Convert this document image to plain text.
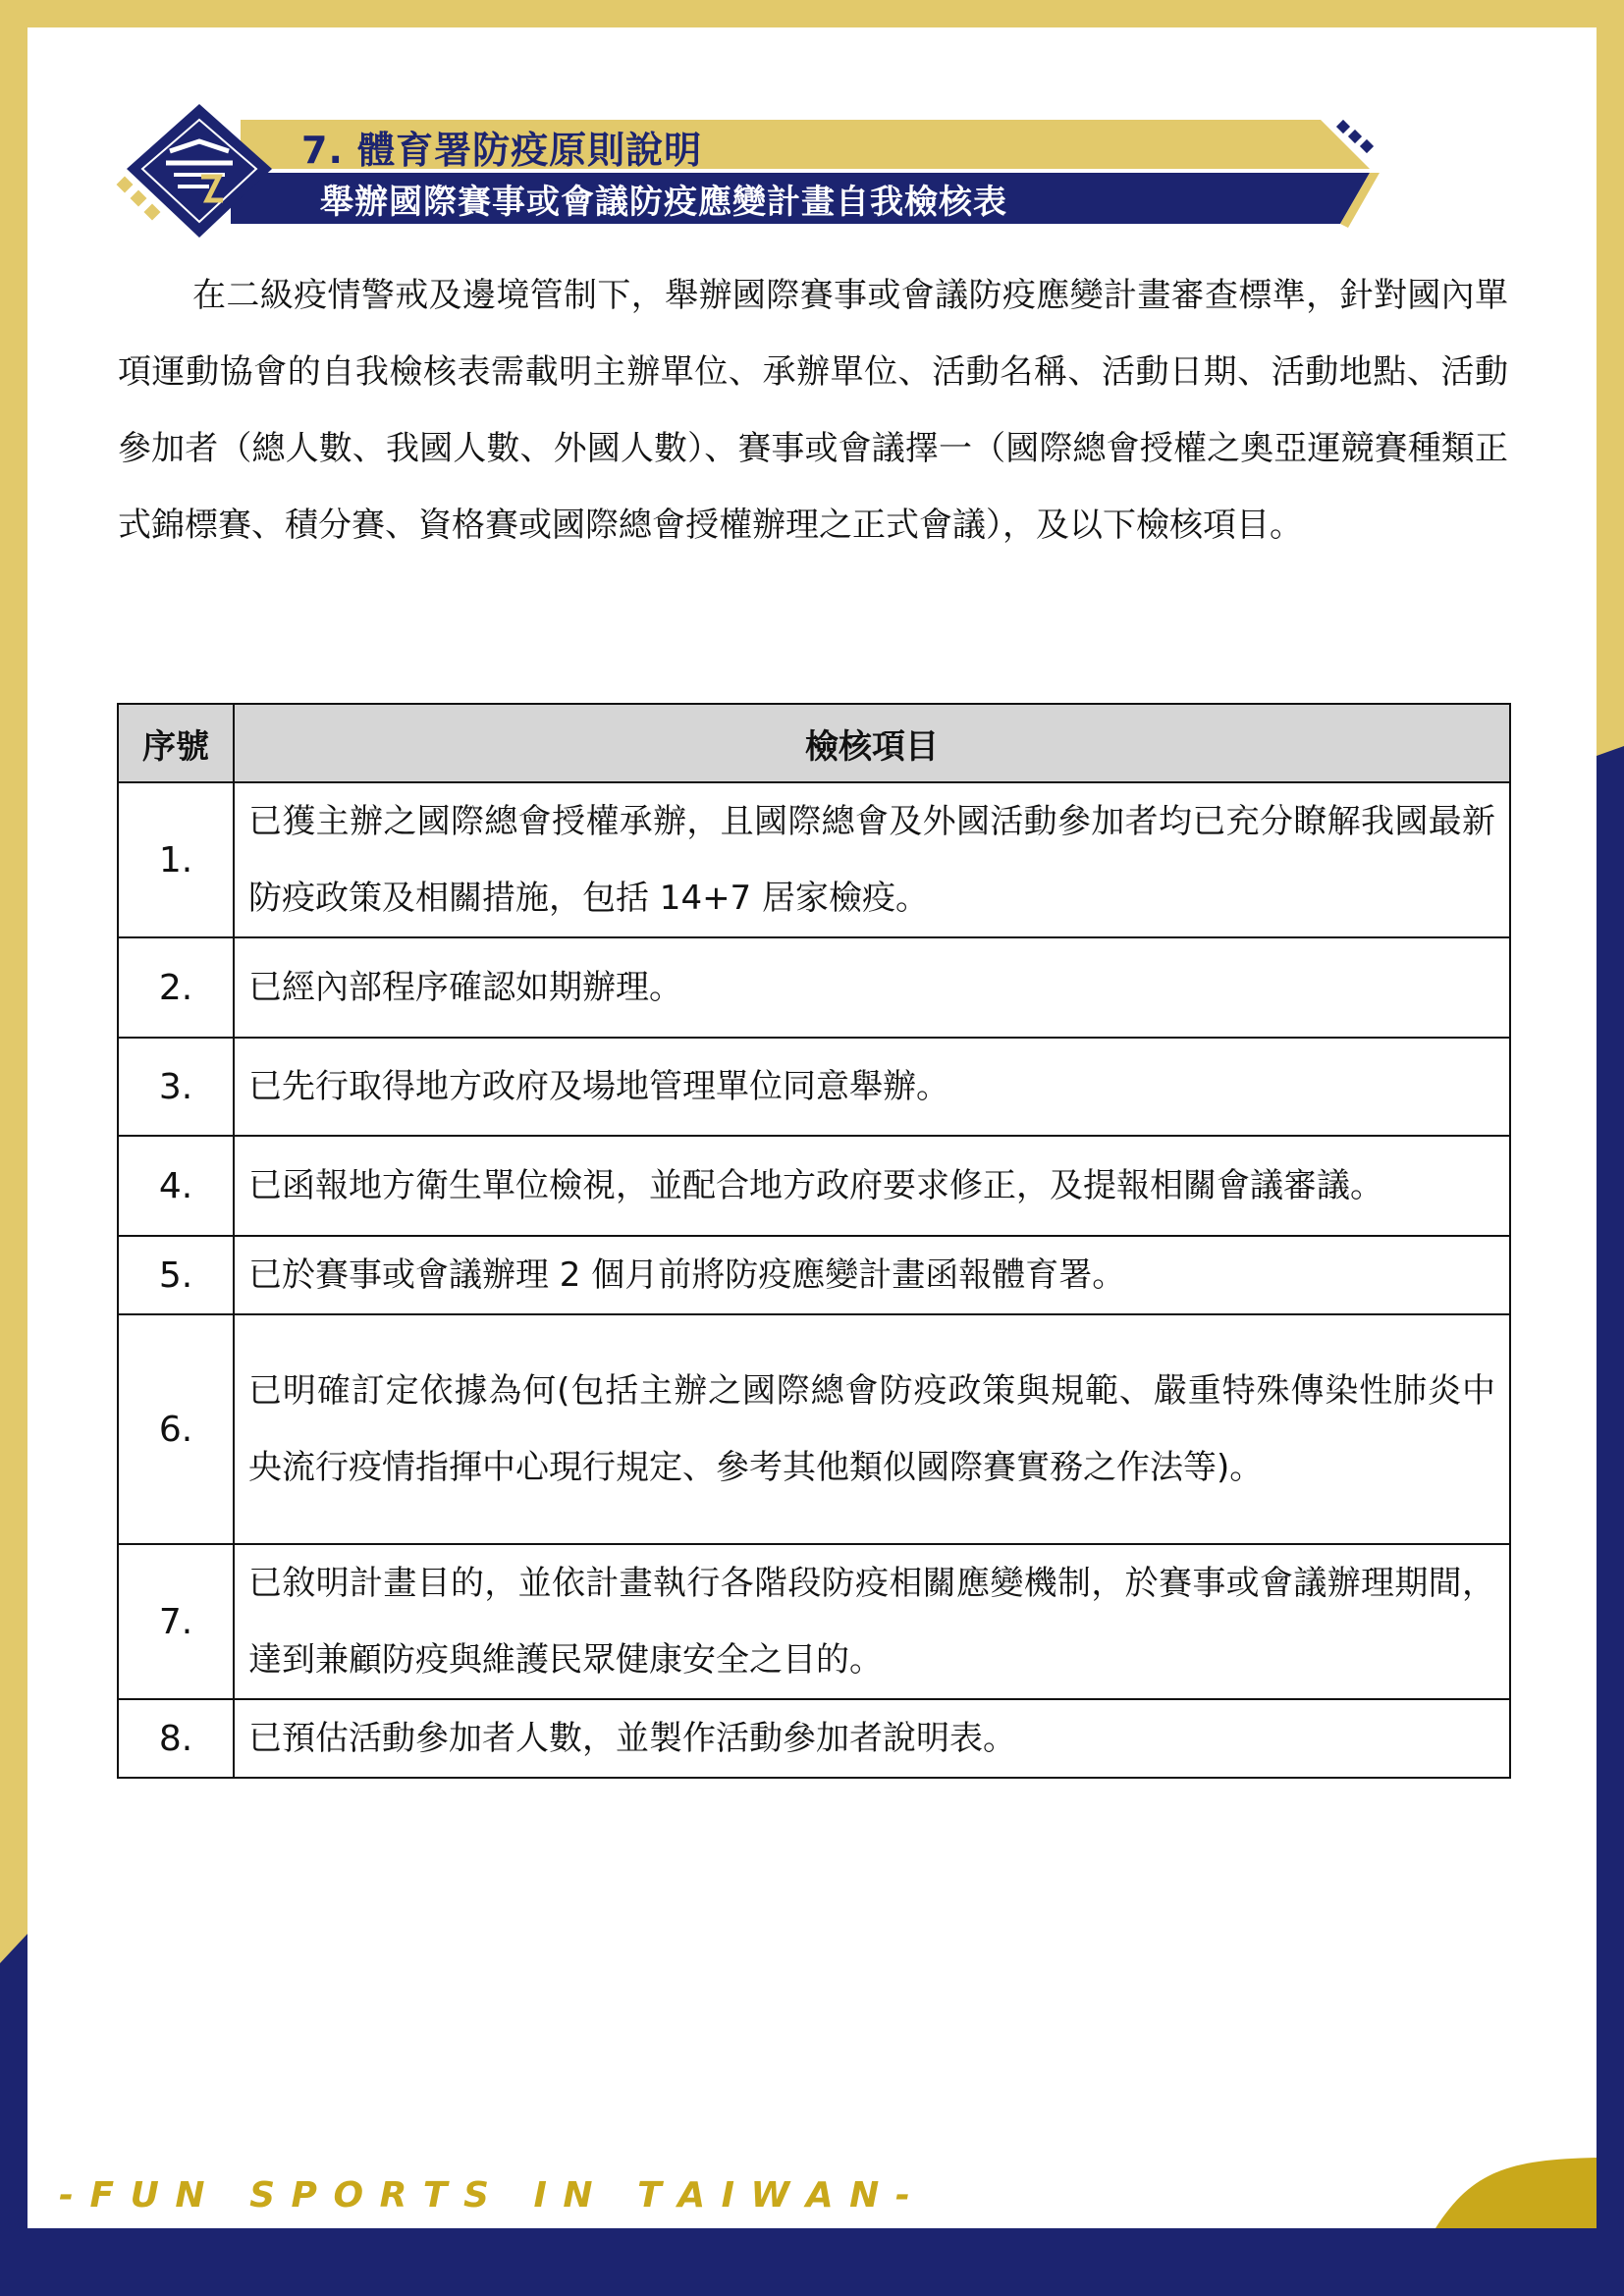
7. 體育署防疫原則說明
舉辦國際賽事或會議防疫應變計畫自我檢核表

在二級疫情警戒及邊境管制下，舉辦國際賽事或會議防疫應變計畫審查標準，針對國內單項運動協會的自我檢核表需載明主辦單位、承辦單位、活動名稱、活動日期、活動地點、活動參加者（總人數、我國人數、外國人數）、賽事或會議擇一（國際總會授權之奧亞運競賽種類正式錦標賽、積分賽、資格賽或國際總會授權辦理之正式會議），及以下檢核項目。

序號	檢核項目
1.	已獲主辦之國際總會授權承辦，且國際總會及外國活動參加者均已充分瞭解我國最新防疫政策及相關措施，包括 14+7 居家檢疫。
2.	已經內部程序確認如期辦理。
3.	已先行取得地方政府及場地管理單位同意舉辦。
4.	已函報地方衛生單位檢視，並配合地方政府要求修正，及提報相關會議審議。
5.	已於賽事或會議辦理 2 個月前將防疫應變計畫函報體育署。
6.	已明確訂定依據為何(包括主辦之國際總會防疫政策與規範、嚴重特殊傳染性肺炎中央流行疫情指揮中心現行規定、參考其他類似國際賽實務之作法等)。
7.	已敘明計畫目的，並依計畫執行各階段防疫相關應變機制，於賽事或會議辦理期間，達到兼顧防疫與維護民眾健康安全之目的。
8.	已預估活動參加者人數，並製作活動參加者說明表。
- F U N   S P O R T S   I N   T A I W A N -
